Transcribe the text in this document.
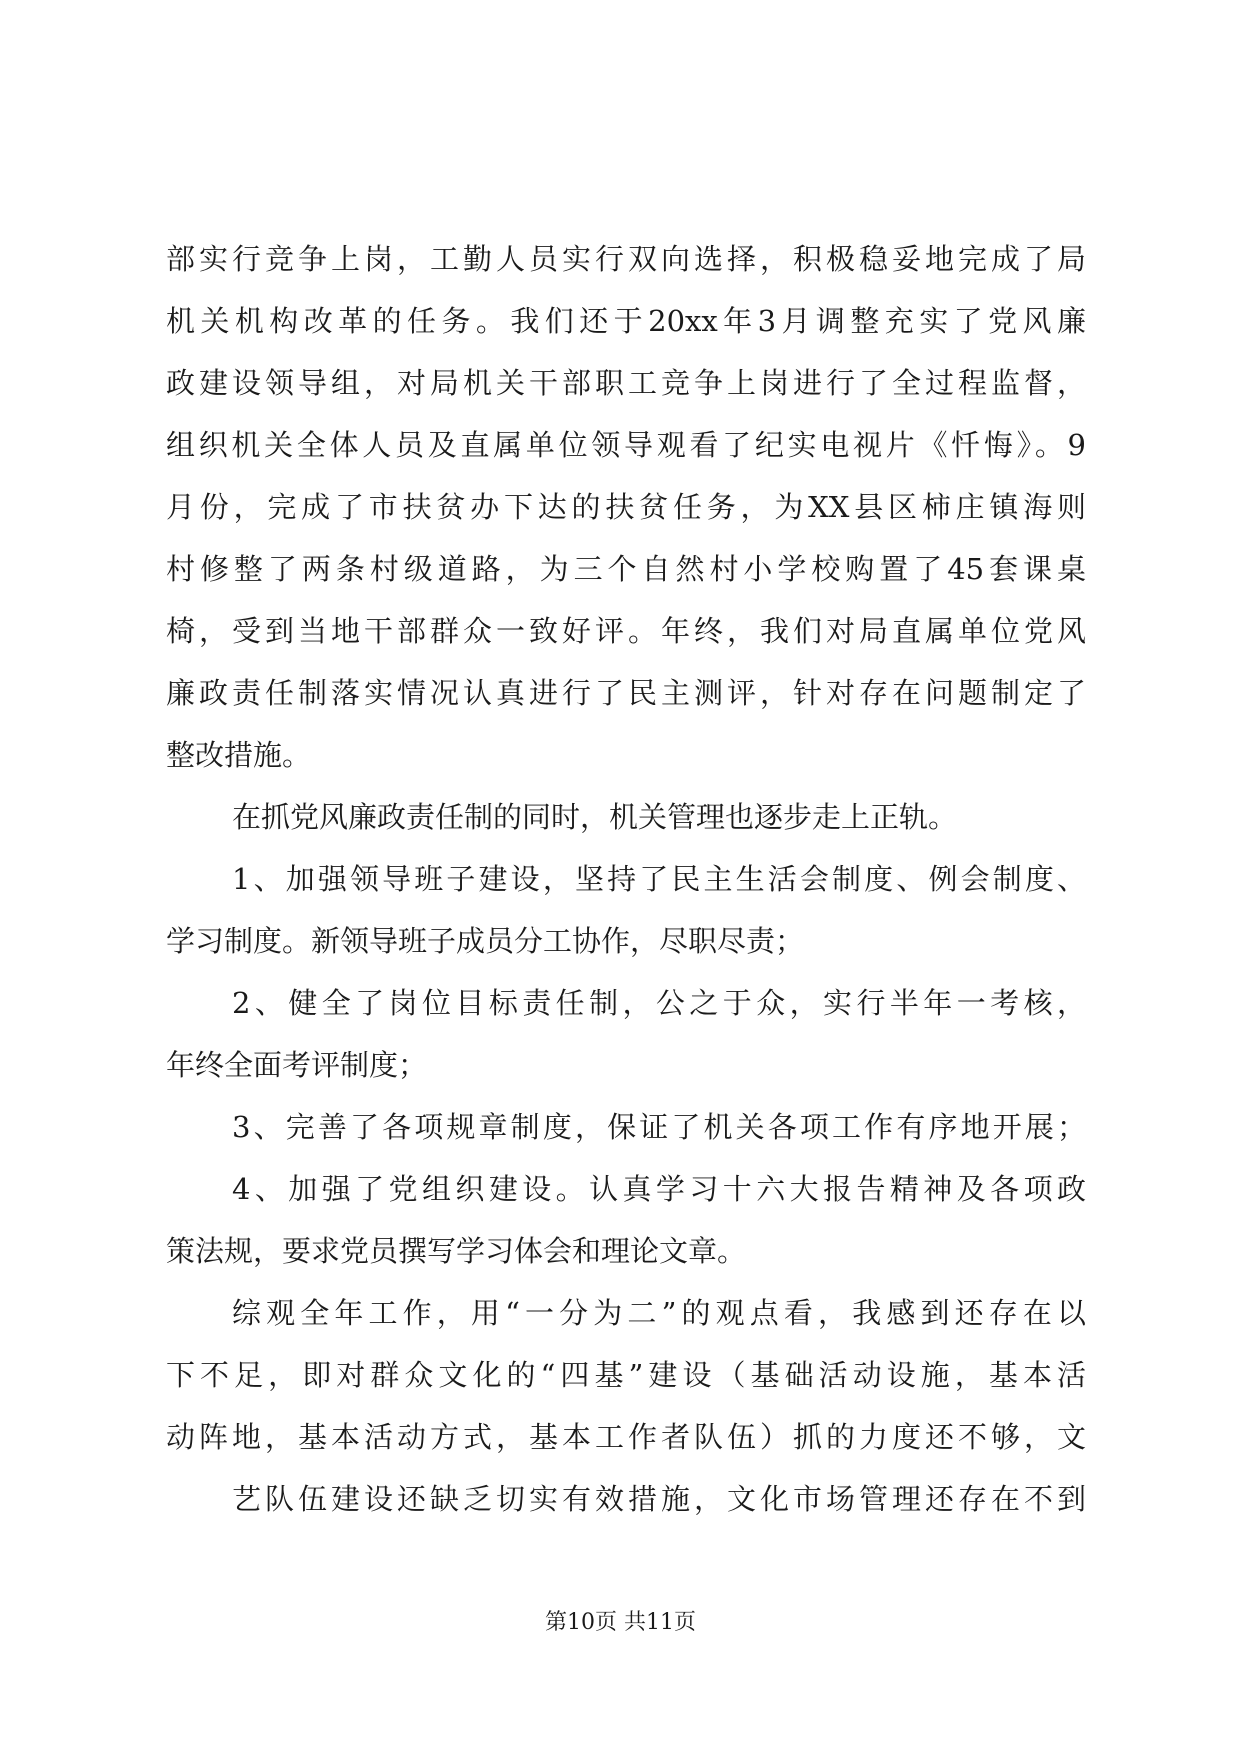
部实行竞争上岗，工勤人员实行双向选择，积极稳妥地完成了局
机关机构改革的任务。我们还于20xx年3月调整充实了党风廉
政建设领导组，对局机关干部职工竞争上岗进行了全过程监督，
组织机关全体人员及直属单位领导观看了纪实电视片《忏悔》。9
月份，完成了市扶贫办下达的扶贫任务，为XX县区柿庄镇海则
村修整了两条村级道路，为三个自然村小学校购置了45套课桌
椅，受到当地干部群众一致好评。年终，我们对局直属单位党风
廉政责任制落实情况认真进行了民主测评，针对存在问题制定了
整改措施。
在抓党风廉政责任制的同时，机关管理也逐步走上正轨。
1、加强领导班子建设，坚持了民主生活会制度、例会制度、
学习制度。新领导班子成员分工协作，尽职尽责；
2、健全了岗位目标责任制，公之于众，实行半年一考核，
年终全面考评制度；
3、完善了各项规章制度，保证了机关各项工作有序地开展；
4、加强了党组织建设。认真学习十六大报告精神及各项政
策法规，要求党员撰写学习体会和理论文章。
综观全年工作，用“一分为二”的观点看，我感到还存在以
下不足，即对群众文化的“四基”建设（基础活动设施，基本活
动阵地，基本活动方式，基本工作者队伍）抓的力度还不够，文
艺队伍建设还缺乏切实有效措施，文化市场管理还存在不到
第10页 共11页
